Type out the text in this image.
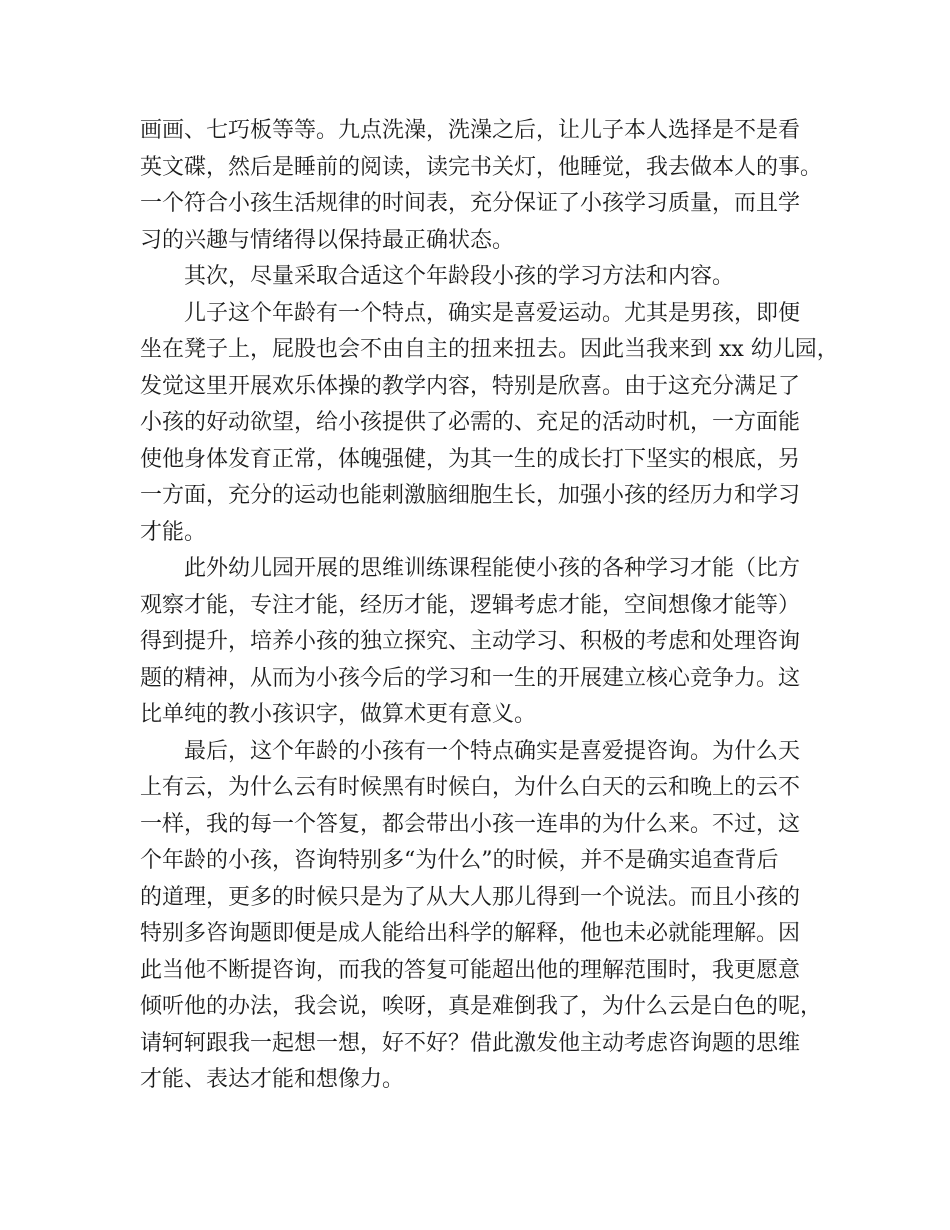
画画、七巧板等等。九点洗澡，洗澡之后，让儿子本人选择是不是看
英文碟，然后是睡前的阅读，读完书关灯，他睡觉，我去做本人的事。
一个符合小孩生活规律的时间表，充分保证了小孩学习质量，而且学
习的兴趣与情绪得以保持最正确状态。
其次，尽量采取合适这个年龄段小孩的学习方法和内容。
儿子这个年龄有一个特点，确实是喜爱运动。尤其是男孩，即便
坐在凳子上，屁股也会不由自主的扭来扭去。因此当我来到 xx 幼儿园，
发觉这里开展欢乐体操的教学内容，特别是欣喜。由于这充分满足了
小孩的好动欲望，给小孩提供了必需的、充足的活动时机，一方面能
使他身体发育正常，体魄强健，为其一生的成长打下坚实的根底，另
一方面，充分的运动也能刺激脑细胞生长，加强小孩的经历力和学习
才能。
此外幼儿园开展的思维训练课程能使小孩的各种学习才能（比方
观察才能，专注才能，经历才能，逻辑考虑才能，空间想像才能等）
得到提升，培养小孩的独立探究、主动学习、积极的考虑和处理咨询
题的精神，从而为小孩今后的学习和一生的开展建立核心竞争力。这
比单纯的教小孩识字，做算术更有意义。
最后，这个年龄的小孩有一个特点确实是喜爱提咨询。为什么天
上有云，为什么云有时候黑有时候白，为什么白天的云和晚上的云不
一样，我的每一个答复，都会带出小孩一连串的为什么来。不过，这
个年龄的小孩，咨询特别多“为什么”的时候，并不是确实追查背后
的道理，更多的时候只是为了从大人那儿得到一个说法。而且小孩的
特别多咨询题即便是成人能给出科学的解释，他也未必就能理解。因
此当他不断提咨询，而我的答复可能超出他的理解范围时，我更愿意
倾听他的办法，我会说，唉呀，真是难倒我了，为什么云是白色的呢，
请轲轲跟我一起想一想，好不好？借此激发他主动考虑咨询题的思维
才能、表达才能和想像力。
